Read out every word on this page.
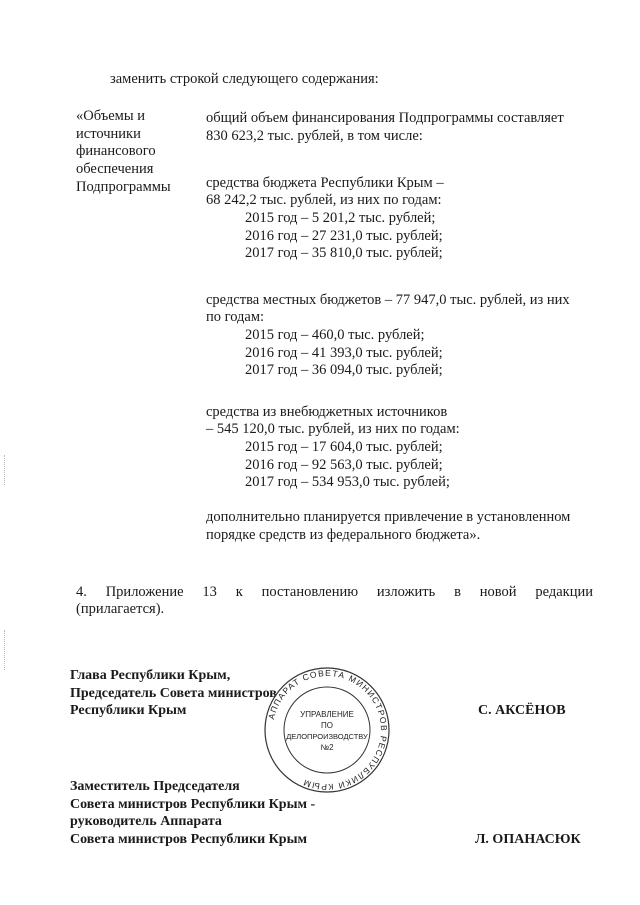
заменить строкой следующего содержания:
«Объемы и
источники
финансового
обеспечения
Подпрограммы
общий объем финансирования Подпрограммы составляет
830 623,2 тыс. рублей, в том числе:
средства бюджета Республики Крым –
68 242,2 тыс. рублей, из них по годам:
2015 год – 5 201,2 тыс. рублей;
2016 год – 27 231,0 тыс. рублей;
2017 год – 35 810,0 тыс. рублей;
средства местных бюджетов – 77 947,0 тыс. рублей, из них
по годам:
2015 год – 460,0 тыс. рублей;
2016 год – 41 393,0 тыс. рублей;
2017 год – 36 094,0 тыс. рублей;
средства из внебюджетных источников
– 545 120,0 тыс. рублей, из них по годам:
2015 год – 17 604,0 тыс. рублей;
2016 год – 92 563,0 тыс. рублей;
2017 год – 534 953,0 тыс. рублей;
дополнительно планируется привлечение в установленном
порядке средств из федерального бюджета».
4. Приложение 13 к постановлению изложить в новой редакции
(прилагается).
Глава Республики Крым,
Председатель Совета министров
Республики Крым	С. АКСЁНОВ
АППАРАТ СОВЕТА МИНИСТРОВ РЕСПУБЛИКИ КРЫМ
УПРАВЛЕНИЕ
ПО
ДЕЛОПРОИЗВОДСТВУ
№2
Заместитель Председателя
Совета министров Республики Крым -
руководитель Аппарата
Совета министров Республики Крым	Л. ОПАНАСЮК
